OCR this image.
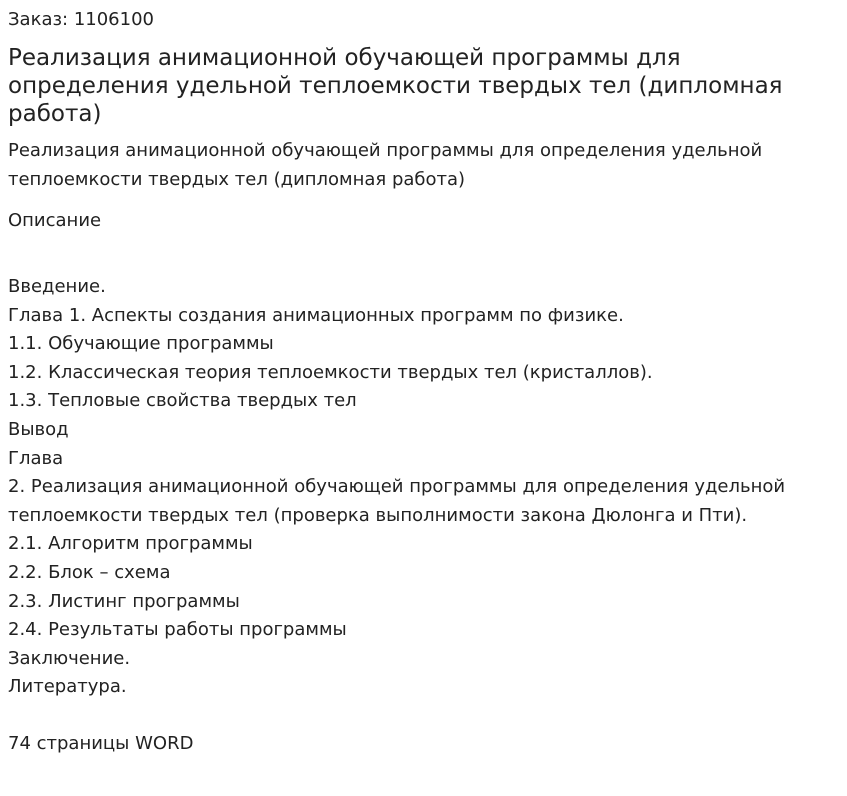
Заказ: 1106100

Реализация анимационной обучающей программы для определения удельной теплоемкости твердых тел (дипломная работа)

Реализация анимационной обучающей программы для определения удельной теплоемкости твердых тел (дипломная работа)

Описание

Введение.
Глава 1. Аспекты создания анимационных программ по физике.
1.1. Обучающие программы
1.2. Классическая теория теплоемкости твердых тел (кристаллов).
1.3. Тепловые свойства твердых тел
Вывод
Глава
2. Реализация анимационной обучающей программы для определения удельной теплоемкости твердых тел (проверка выполнимости закона Дюлонга и Пти).
2.1. Алгоритм программы
2.2. Блок – схема
2.3. Листинг программы
2.4. Результаты работы программы
Заключение.
Литература.

74 страницы WORD
